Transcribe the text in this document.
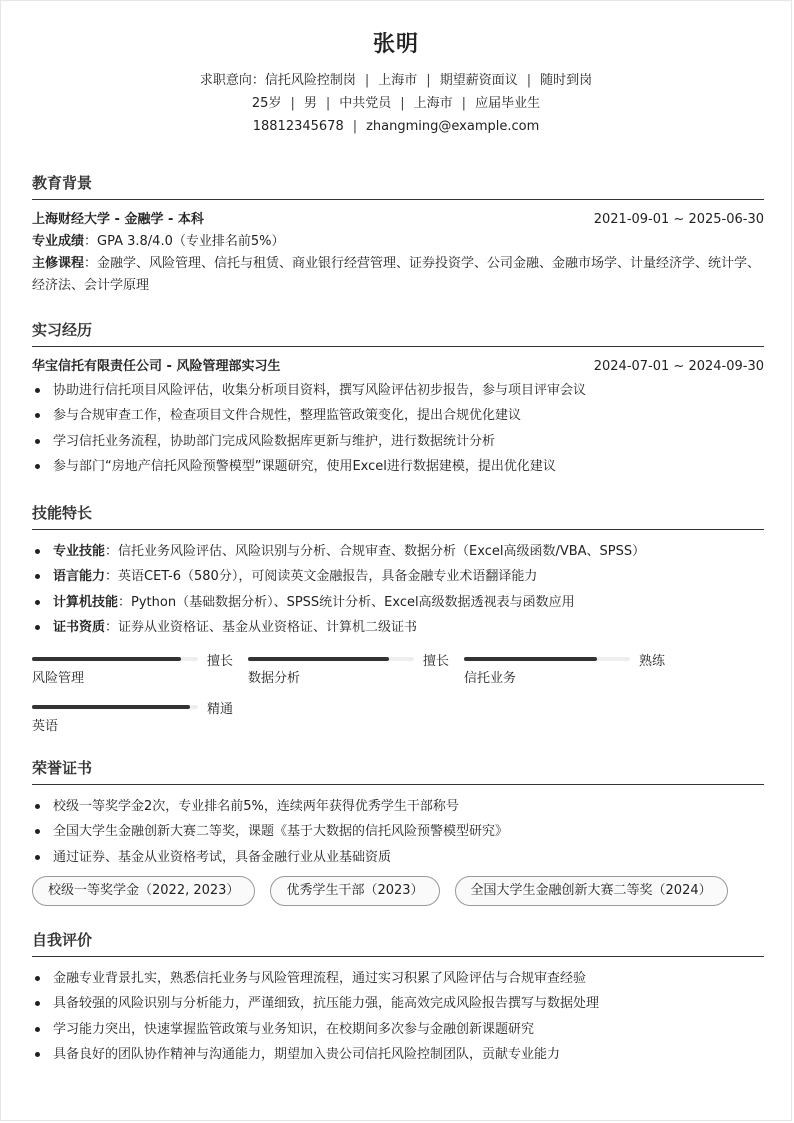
张明
求职意向：信托风险控制岗 | 上海市 | 期望薪资面议 | 随时到岗
25岁 | 男 | 中共党员 | 上海市 | 应届毕业生
18812345678 | zhangming@example.com
教育背景
上海财经大学 - 金融学 - 本科	2021-09-01 ~ 2025-06-30
专业成绩：GPA 3.8/4.0（专业排名前5%）
主修课程：金融学、风险管理、信托与租赁、商业银行经营管理、证券投资学、公司金融、金融市场学、计量经济学、统计学、经济法、会计学原理
实习经历
华宝信托有限责任公司 - 风险管理部实习生	2024-07-01 ~ 2024-09-30
协助进行信托项目风险评估，收集分析项目资料，撰写风险评估初步报告，参与项目评审会议
参与合规审查工作，检查项目文件合规性，整理监管政策变化，提出合规优化建议
学习信托业务流程，协助部门完成风险数据库更新与维护，进行数据统计分析
参与部门“房地产信托风险预警模型”课题研究，使用Excel进行数据建模，提出优化建议
技能特长
专业技能：信托业务风险评估、风险识别与分析、合规审查、数据分析（Excel高级函数/VBA、SPSS）
语言能力：英语CET-6（580分），可阅读英文金融报告，具备金融专业术语翻译能力
计算机技能：Python（基础数据分析）、SPSS统计分析、Excel高级数据透视表与函数应用
证书资质：证券从业资格证、基金从业资格证、计算机二级证书
擅长
风险管理
擅长
数据分析
熟练
信托业务
精通
英语
荣誉证书
校级一等奖学金2次，专业排名前5%，连续两年获得优秀学生干部称号
全国大学生金融创新大赛二等奖，课题《基于大数据的信托风险预警模型研究》
通过证券、基金从业资格考试，具备金融行业从业基础资质
校级一等奖学金（2022, 2023）	优秀学生干部（2023）	全国大学生金融创新大赛二等奖（2024）
自我评价
金融专业背景扎实，熟悉信托业务与风险管理流程，通过实习积累了风险评估与合规审查经验
具备较强的风险识别与分析能力，严谨细致，抗压能力强，能高效完成风险报告撰写与数据处理
学习能力突出，快速掌握监管政策与业务知识，在校期间多次参与金融创新课题研究
具备良好的团队协作精神与沟通能力，期望加入贵公司信托风险控制团队，贡献专业能力
